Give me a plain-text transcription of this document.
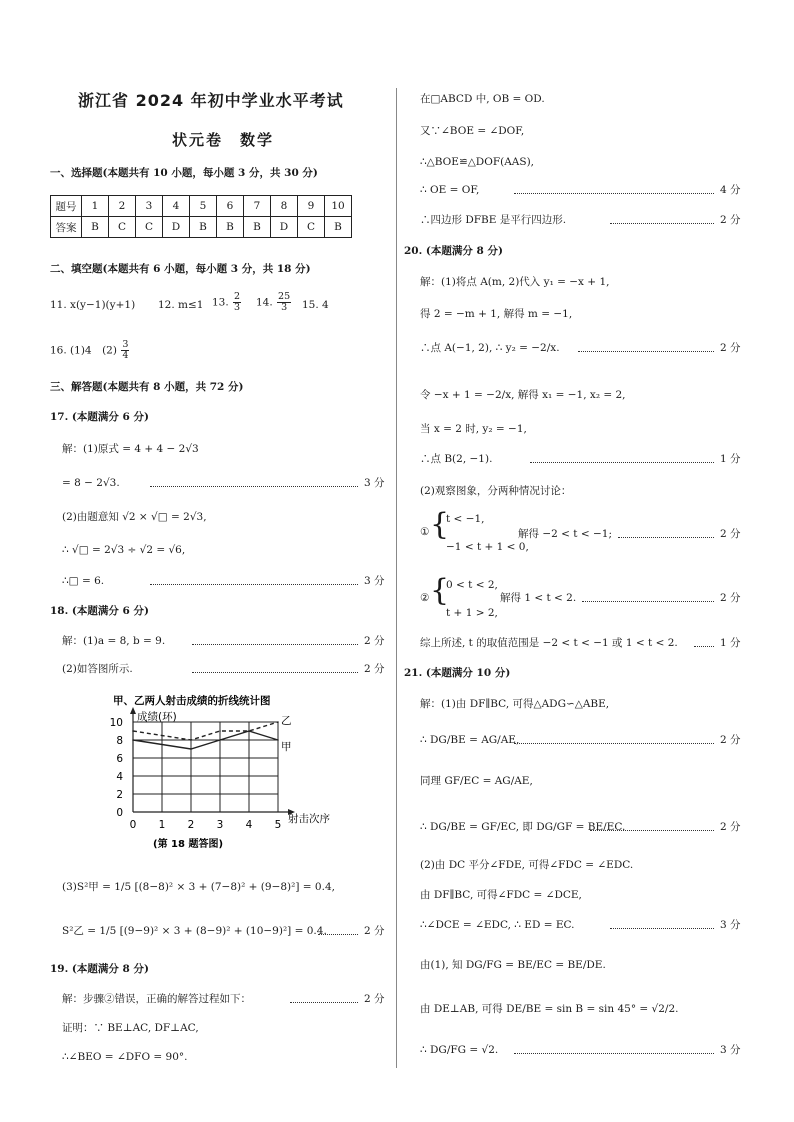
浙江省 2024 年初中学业水平考试
状元卷　数学
一、选择题(本题共有 10 小题，每小题 3 分，共 30 分)
题号	1	2	3	4	5	6	7	8	9	10
答案	B	C	C	D	B	B	B	D	C	B
二、填空题(本题共有 6 小题，每小题 3 分，共 18 分)
11. x(y−1)(y+1) 12. m≤1 13. $\frac{2}{3} 14$. $\frac{25}{3} 15$. 4
16. (1)4　$(2) \frac{3}{4}$
三、解答题(本题共有 8 小题，共 72 分)
17. (本题满分 6 分)
解：(1)原式 = 4 + 4 − 2√3
= 8 − 2√3.	3 分
(2)由题意知 √2 × √□ = 2√3,
∴ √□ = 2√3 ÷ √2 = √6,
∴□ = 6.	3 分
18. (本题满分 6 分)
解：(1)a = 8, b = 9.	2 分
(2)如答图所示.	2 分
甲、乙两人射击成绩的折线统计图
成绩(环)
射击次序
0
2
4
6
8
10
0 1 2 3 4 5
甲
乙
(第 18 题答图)
(3)S²甲 = 1/5 [(8−8)² × 3 + (7−8)² + (9−8)²] = 0.4,
S²乙 = 1/5 [(9−9)² × 3 + (8−9)² + (10−9)²] = 0.4.	2 分
19. (本题满分 8 分)
解：步骤②错误，正确的解答过程如下：	2 分
证明：∵ BE⊥AC, DF⊥AC,
∴∠BEO = ∠DFO = 90°.
在□ABCD 中, OB = OD.
又∵∠BOE = ∠DOF,
∴△BOE≌△DOF(AAS),
∴ OE = OF,	4 分
∴四边形 DFBE 是平行四边形.	2 分
20. (本题满分 8 分)
解：(1)将点 A(m, 2)代入 y₁ = −x + 1,
得 2 = −m + 1, 解得 m = −1,
∴点 A(−1, 2), ∴ y₂ = −2/x.	2 分
令 −x + 1 = −2/x, 解得 x₁ = −1, x₂ = 2,
当 x = 2 时, y₂ = −1,
∴点 B(2, −1).	1 分
(2)观察图象，分两种情况讨论：
① {
t < −1,
−1 < t + 1 < 0,
解得 −2 < t < −1;	2 分
② {
0 < t < 2,
t + 1 > 2,
解得 1 < t < 2.	2 分
综上所述, t 的取值范围是 −2 < t < −1 或 1 < t < 2.	1 分
21. (本题满分 10 分)
解：(1)由 DF∥BC, 可得△ADG∽△ABE,
∴ DG/BE = AG/AE,	2 分
同理 GF/EC = AG/AE,
∴ DG/BE = GF/EC, 即 DG/GF = BE/EC.	2 分
(2)由 DC 平分∠FDE, 可得∠FDC = ∠EDC.
由 DF∥BC, 可得∠FDC = ∠DCE,
∴∠DCE = ∠EDC, ∴ ED = EC.	3 分
由(1), 知 DG/FG = BE/EC = BE/DE.
由 DE⊥AB, 可得 DE/BE = sin B = sin 45° = √2/2.
∴ DG/FG = √2.	3 分
